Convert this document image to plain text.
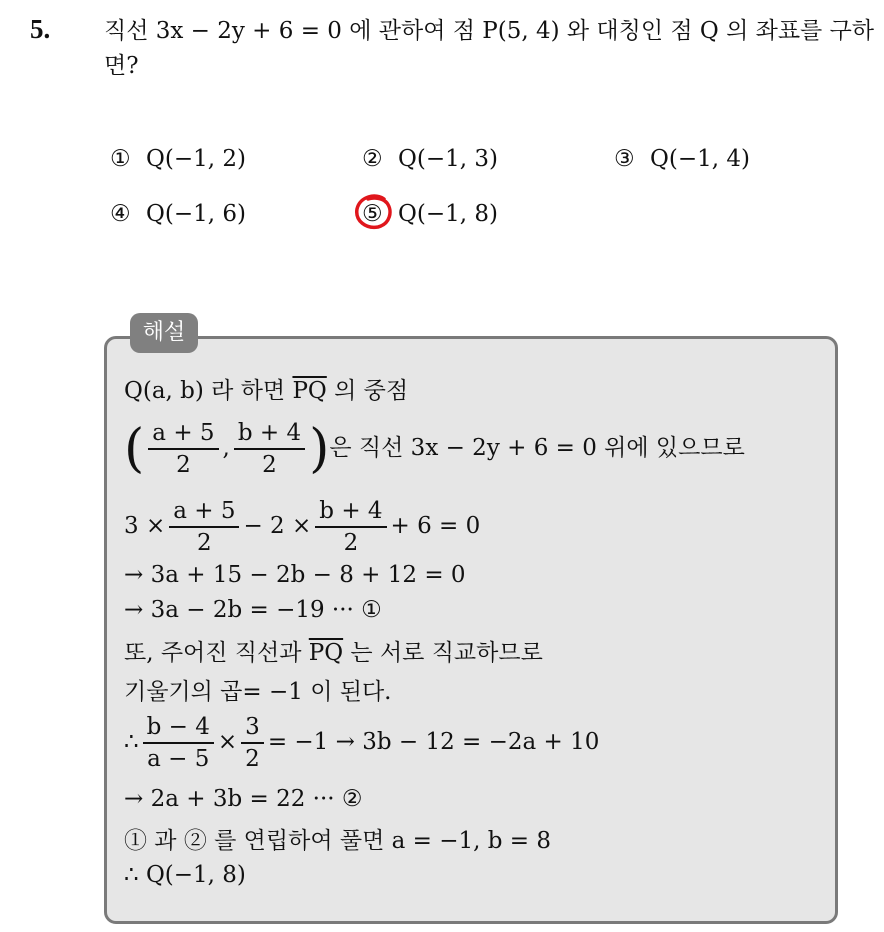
5. 직선 3x − 2y + 6 = 0 에 관하여 점 P(5, 4) 와 대칭인 점 Q 의 좌표를 구하면?
① Q(−1, 2)	② Q(−1, 3)	③ Q(−1, 4)
④ Q(−1, 6)	⑤ Q(−1, 8)
해설
Q(a, b) 라 하면 $\overline{PQ}$ 의 중점
( $\frac{a + 5}{2}$ , $\frac{b + 4}{2}$ )은 직선 3x − 2y + 6 = 0 위에 있으므로
$3 \times \frac{a + 5}{2} - 2 \times \frac{b + 4}{2} + 6 = 0$
→ 3a + 15 − 2b − 8 + 12 = 0
→ 3a − 2b = −19 ··· ①
또, 주어진 직선과 $\overline{PQ}$ 는 서로 직교하므로
기울기의 곱= −1 이 된다.
∴ $\frac{b - 4}{a - 5} \times \frac{3}{2} = -1 \to 3b - 12 = -2a + 10$
→ 2a + 3b = 22 ··· ②
① 과 ② 를 연립하여 풀면 a = −1, b = 8
∴ Q(−1, 8)
